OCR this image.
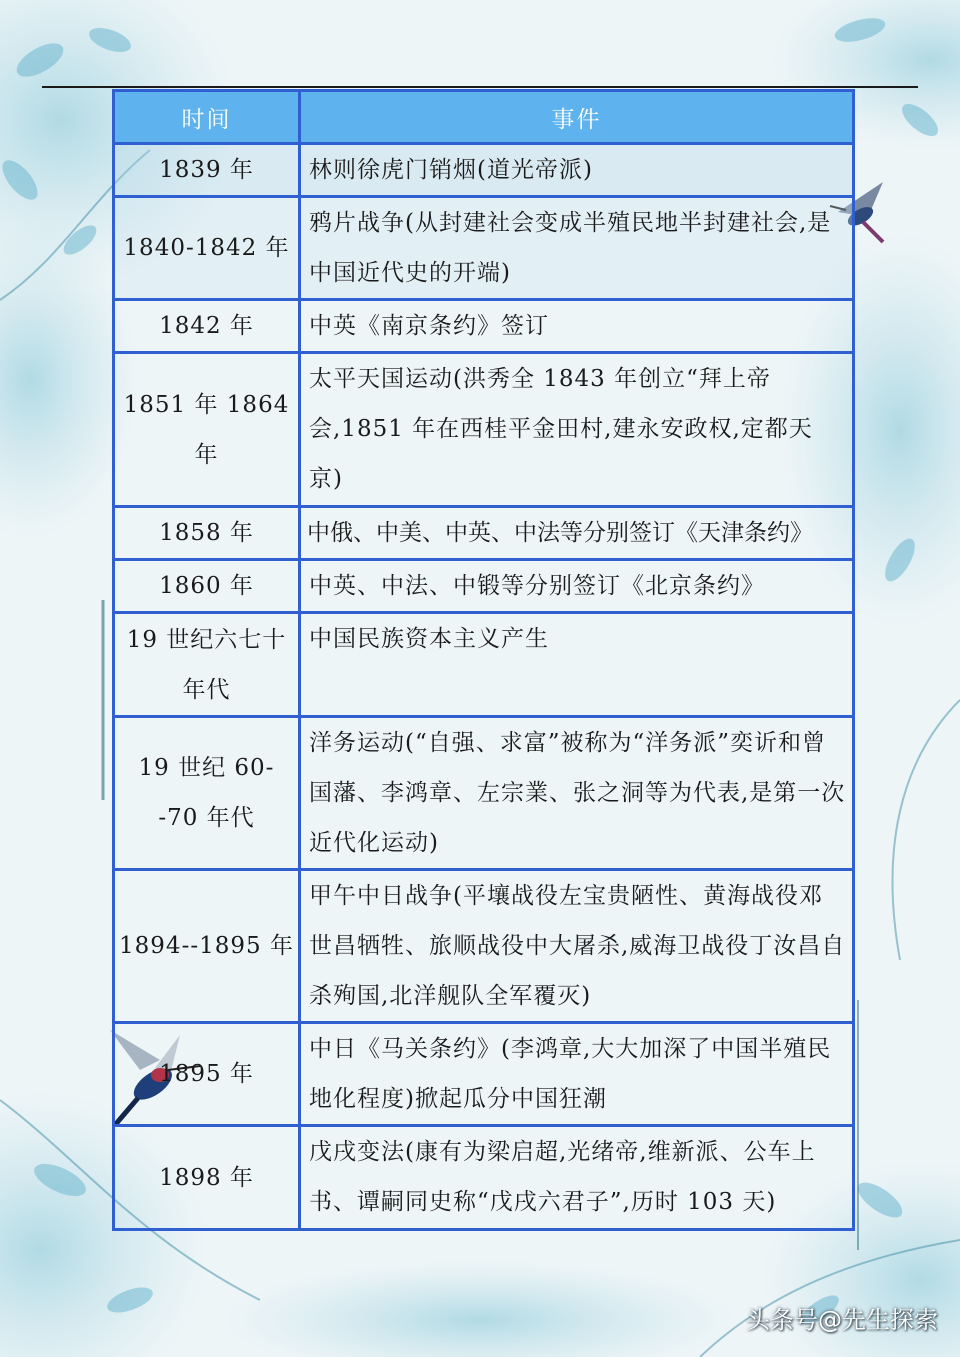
时间	事件
1839 年	林则徐虎门销烟(道光帝派)
1840-1842 年	鸦片战争(从封建社会变成半殖民地半封建社会,是中国近代史的开端)
1842 年	中英《南京条约》签订
1851 年 1864 年	太平天国运动(洪秀全 1843 年创立“拜上帝会,1851 年在西桂平金田村,建永安政权,定都天京)
1858 年	中俄、中美、中英、中法等分别签订《天津条约》
1860 年	中英、中法、中锻等分别签订《北京条约》
19 世纪六七十年代	中国民族资本主义产生
19 世纪 60--70 年代	洋务运动(“自强、求富”被称为“洋务派”奕䜣和曾国藩、李鸿章、左宗業、张之洞等为代表,是第一次近代化运动)
1894--1895 年	甲午中日战争(平壤战役左宝贵陋性、黄海战役邓世昌牺牲、旅顺战役中大屠杀,威海卫战役丁汝昌自杀殉国,北洋舰队全军覆灭)
1895 年	中日《马关条约》(李鸿章,大大加深了中国半殖民地化程度)掀起瓜分中国狂潮
1898 年	戊戌变法(康有为梁启超,光绪帝,维新派、公车上书、谭嗣同史称“戊戌六君子”,历时 103 天)
头条号@先生探索
